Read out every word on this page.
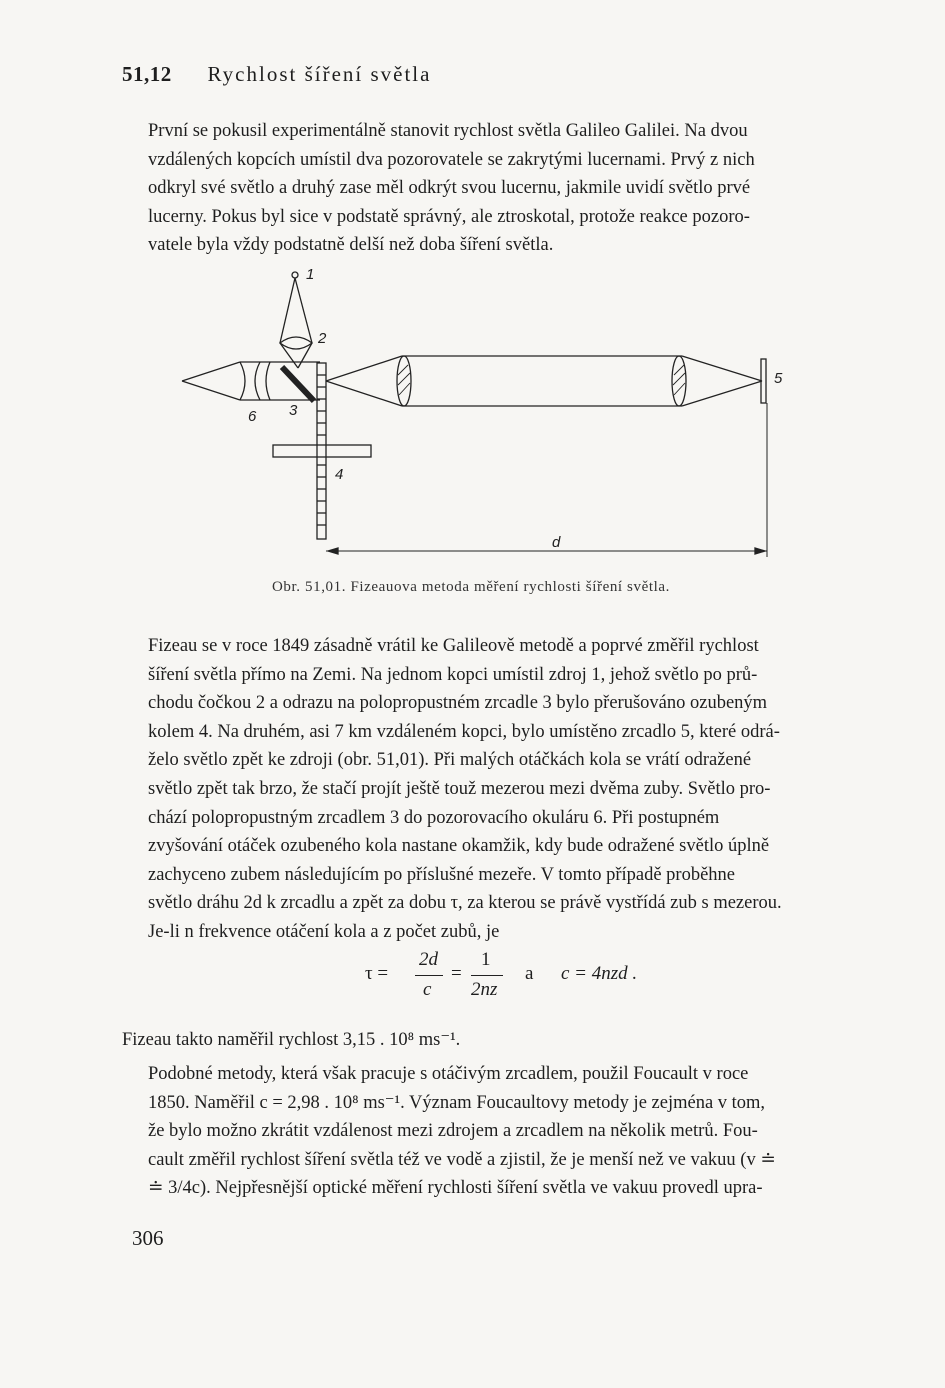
51,12 Rychlost šíření světla
První se pokusil experimentálně stanovit rychlost světla Galileo Galilei. Na dvou
vzdálených kopcích umístil dva pozorovatele se zakrytými lucernami. Prvý z nich
odkryl své světlo a druhý zase měl odkrýt svou lucernu, jakmile uvidí světlo prvé
lucerny. Pokus byl sice v podstatě správný, ale ztroskotal, protože reakce pozoro-
vatele byla vždy podstatně delší než doba šíření světla.
1
2
3
4
5
6
d
Obr. 51,01. Fizeauova metoda měření rychlosti šíření světla.
Fizeau se v roce 1849 zásadně vrátil ke Galileově metodě a poprvé změřil rychlost
šíření světla přímo na Zemi. Na jednom kopci umístil zdroj 1, jehož světlo po prů-
chodu čočkou 2 a odrazu na polopropustném zrcadle 3 bylo přerušováno ozubeným
kolem 4. Na druhém, asi 7 km vzdáleném kopci, bylo umístěno zrcadlo 5, které odrá-
želo světlo zpět ke zdroji (obr. 51,01). Při malých otáčkách kola se vrátí odražené
světlo zpět tak brzo, že stačí projít ještě touž mezerou mezi dvěma zuby. Světlo pro-
chází polopropustným zrcadlem 3 do pozorovacího okuláru 6. Při postupném
zvyšování otáček ozubeného kola nastane okamžik, kdy bude odražené světlo úplně
zachyceno zubem následujícím po příslušné mezeře. V tomto případě proběhne
světlo dráhu 2d k zrcadlu a zpět za dobu τ, za kterou se právě vystřídá zub s mezerou.
Je-li n frekvence otáčení kola a z počet zubů, je
τ =
2d
c
=
1
2nz
a c = 4nzd .
Fizeau takto naměřil rychlost 3,15 . 10⁸ ms⁻¹.
Podobné metody, která však pracuje s otáčivým zrcadlem, použil Foucault v roce
1850. Naměřil c = 2,98 . 10⁸ ms⁻¹. Význam Foucaultovy metody je zejména v tom,
že bylo možno zkrátit vzdálenost mezi zdrojem a zrcadlem na několik metrů. Fou-
cault změřil rychlost šíření světla též ve vodě a zjistil, že je menší než ve vakuu (v ≐
≐ 3/4c). Nejpřesnější optické měření rychlosti šíření světla ve vakuu provedl upra-
306
